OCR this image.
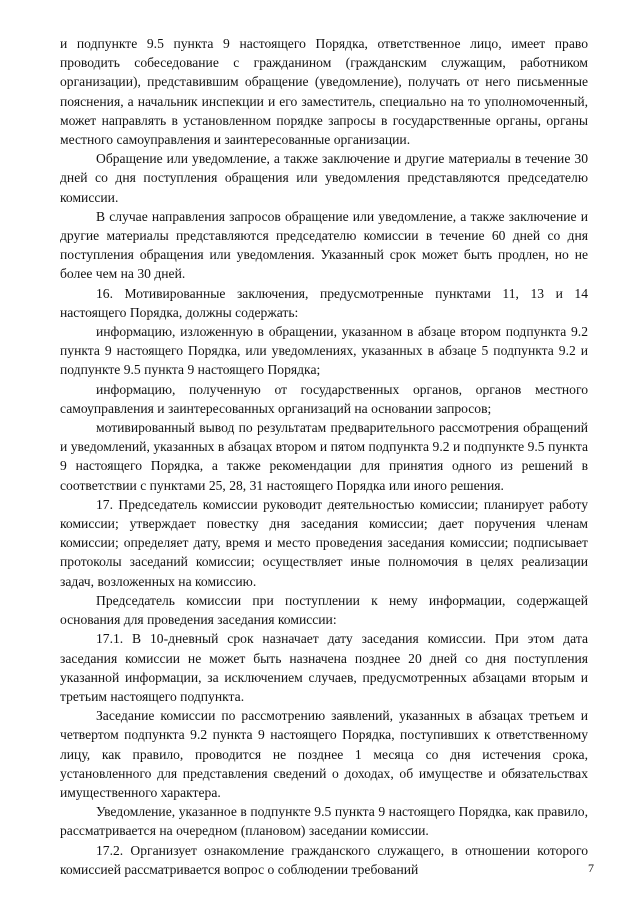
и подпункте 9.5 пункта 9 настоящего Порядка, ответственное лицо, имеет право проводить собеседование с гражданином (гражданским служащим, работником организации), представившим обращение (уведомление), получать от него письменные пояснения, а начальник инспекции и его заместитель, специально на то уполномоченный, может направлять в установленном порядке запросы в государственные органы, органы местного самоуправления и заинтересованные организации.

Обращение или уведомление, а также заключение и другие материалы в течение 30 дней со дня поступления обращения или уведомления представляются председателю комиссии.

В случае направления запросов обращение или уведомление, а также заключение и другие материалы представляются председателю комиссии в течение 60 дней со дня поступления обращения или уведомления. Указанный срок может быть продлен, но не более чем на 30 дней.

16. Мотивированные заключения, предусмотренные пунктами 11, 13 и 14 настоящего Порядка, должны содержать:

информацию, изложенную в обращении, указанном в абзаце втором подпункта 9.2 пункта 9 настоящего Порядка, или уведомлениях, указанных в абзаце 5 подпункта 9.2 и подпункте 9.5 пункта 9 настоящего Порядка;

информацию, полученную от государственных органов, органов местного самоуправления и заинтересованных организаций на основании запросов;

мотивированный вывод по результатам предварительного рассмотрения обращений и уведомлений, указанных в абзацах втором и пятом подпункта 9.2 и подпункте 9.5 пункта 9 настоящего Порядка, а также рекомендации для принятия одного из решений в соответствии с пунктами 25, 28, 31 настоящего Порядка или иного решения.

17. Председатель комиссии руководит деятельностью комиссии; планирует работу комиссии; утверждает повестку дня заседания комиссии; дает поручения членам комиссии; определяет дату, время и место проведения заседания комиссии; подписывает протоколы заседаний комиссии; осуществляет иные полномочия в целях реализации задач, возложенных на комиссию.

Председатель комиссии при поступлении к нему информации, содержащей основания для проведения заседания комиссии:

17.1. В 10-дневный срок назначает дату заседания комиссии. При этом дата заседания комиссии не может быть назначена позднее 20 дней со дня поступления указанной информации, за исключением случаев, предусмотренных абзацами вторым и третьим настоящего подпункта.

Заседание комиссии по рассмотрению заявлений, указанных в абзацах третьем и четвертом подпункта 9.2 пункта 9 настоящего Порядка, поступивших к ответственному лицу, как правило, проводится не позднее 1 месяца со дня истечения срока, установленного для представления сведений о доходах, об имуществе и обязательствах имущественного характера.

Уведомление, указанное в подпункте 9.5 пункта 9 настоящего Порядка, как правило, рассматривается на очередном (плановом) заседании комиссии.

17.2. Организует ознакомление гражданского служащего, в отношении которого комиссией рассматривается вопрос о соблюдении требований	7
